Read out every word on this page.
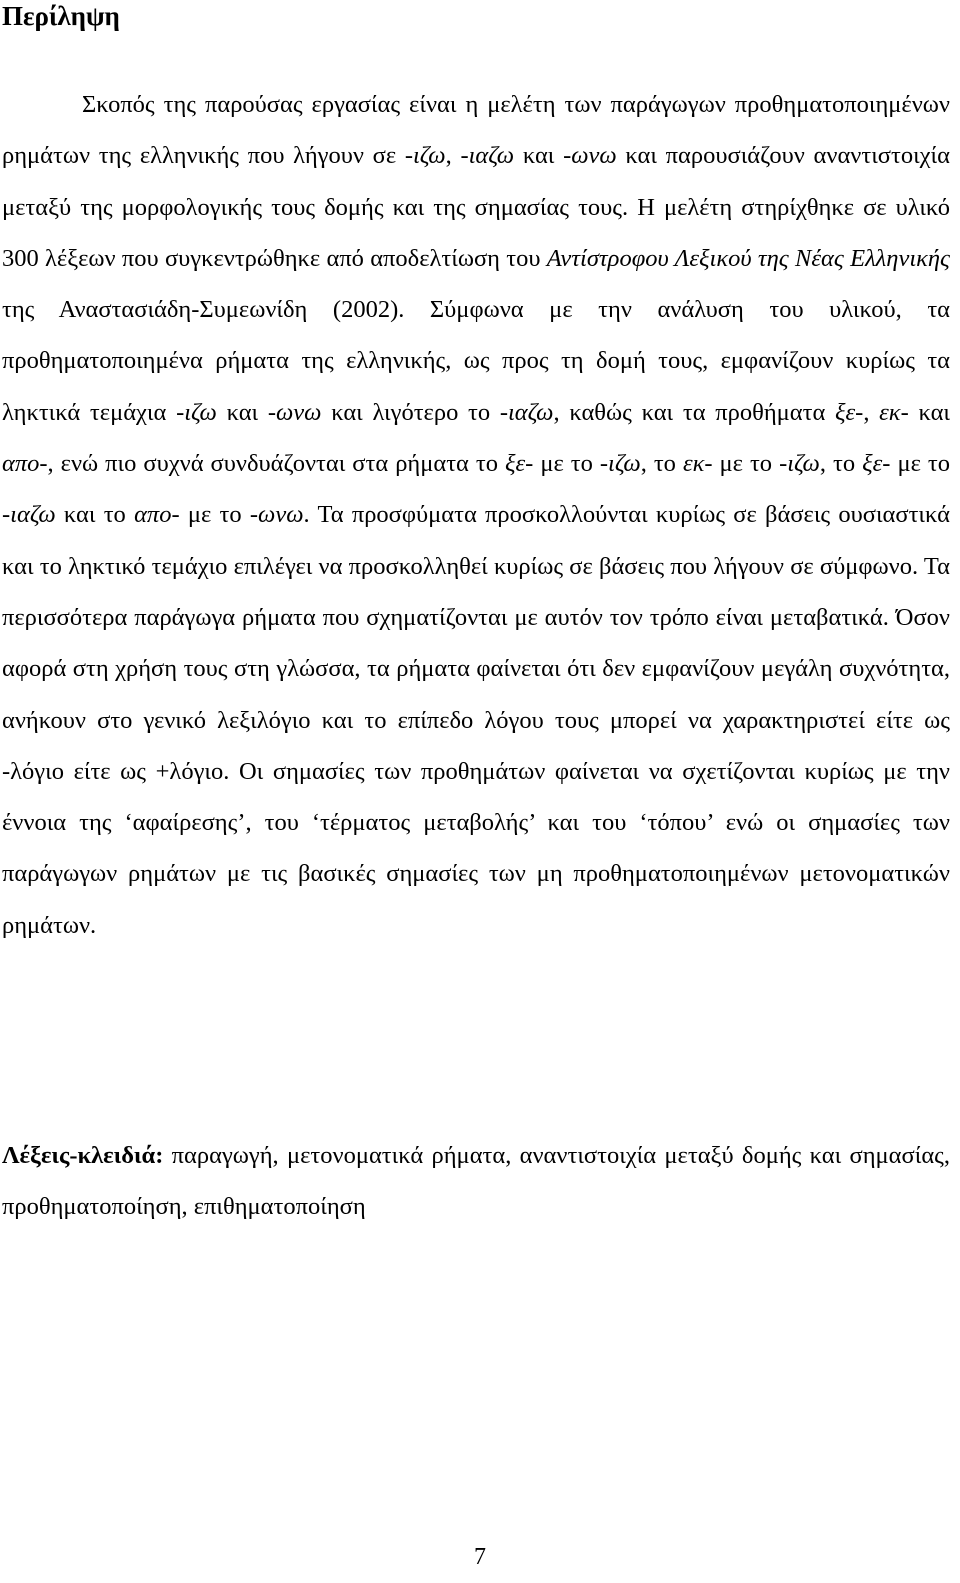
Περίληψη

Σκοπός της παρούσας εργασίας είναι η μελέτη των παράγωγων προθηματοποιημένων ρημάτων της ελληνικής που λήγουν σε -ιζω, -ιαζω και -ωνω και παρουσιάζουν αναντιστοιχία μεταξύ της μορφολογικής τους δομής και της σημασίας τους. Η μελέτη στηρίχθηκε σε υλικό 300 λέξεων που συγκεντρώθηκε από αποδελτίωση του Αντίστροφου Λεξικού της Νέας Ελληνικής της Αναστασιάδη-Συμεωνίδη (2002). Σύμφωνα με την ανάλυση του υλικού, τα προθηματοποιημένα ρήματα της ελληνικής, ως προς τη δομή τους, εμφανίζουν κυρίως τα ληκτικά τεμάχια -ιζω και -ωνω και λιγότερο το -ιαζω, καθώς και τα προθήματα ξε-, εκ- και απο-, ενώ πιο συχνά συνδυάζονται στα ρήματα το ξε- με το -ιζω, το εκ- με το -ιζω, το ξε- με το -ιαζω και το απο- με το -ωνω. Τα προσφύματα προσκολλούνται κυρίως σε βάσεις ουσιαστικά και το ληκτικό τεμάχιο επιλέγει να προσκολληθεί κυρίως σε βάσεις που λήγουν σε σύμφωνο. Τα περισσότερα παράγωγα ρήματα που σχηματίζονται με αυτόν τον τρόπο είναι μεταβατικά. Όσον αφορά στη χρήση τους στη γλώσσα, τα ρήματα φαίνεται ότι δεν εμφανίζουν μεγάλη συχνότητα, ανήκουν στο γενικό λεξιλόγιο και το επίπεδο λόγου τους μπορεί να χαρακτηριστεί είτε ως -λόγιο είτε ως +λόγιο. Οι σημασίες των προθημάτων φαίνεται να σχετίζονται κυρίως με την έννοια της ‘αφαίρεσης’, του ‘τέρματος μεταβολής’ και του ‘τόπου’ ενώ οι σημασίες των παράγωγων ρημάτων με τις βασικές σημασίες των μη προθηματοποιημένων μετονοματικών ρημάτων.

Λέξεις-κλειδιά: παραγωγή, μετονοματικά ρήματα, αναντιστοιχία μεταξύ δομής και σημασίας, προθηματοποίηση, επιθηματοποίηση

7
